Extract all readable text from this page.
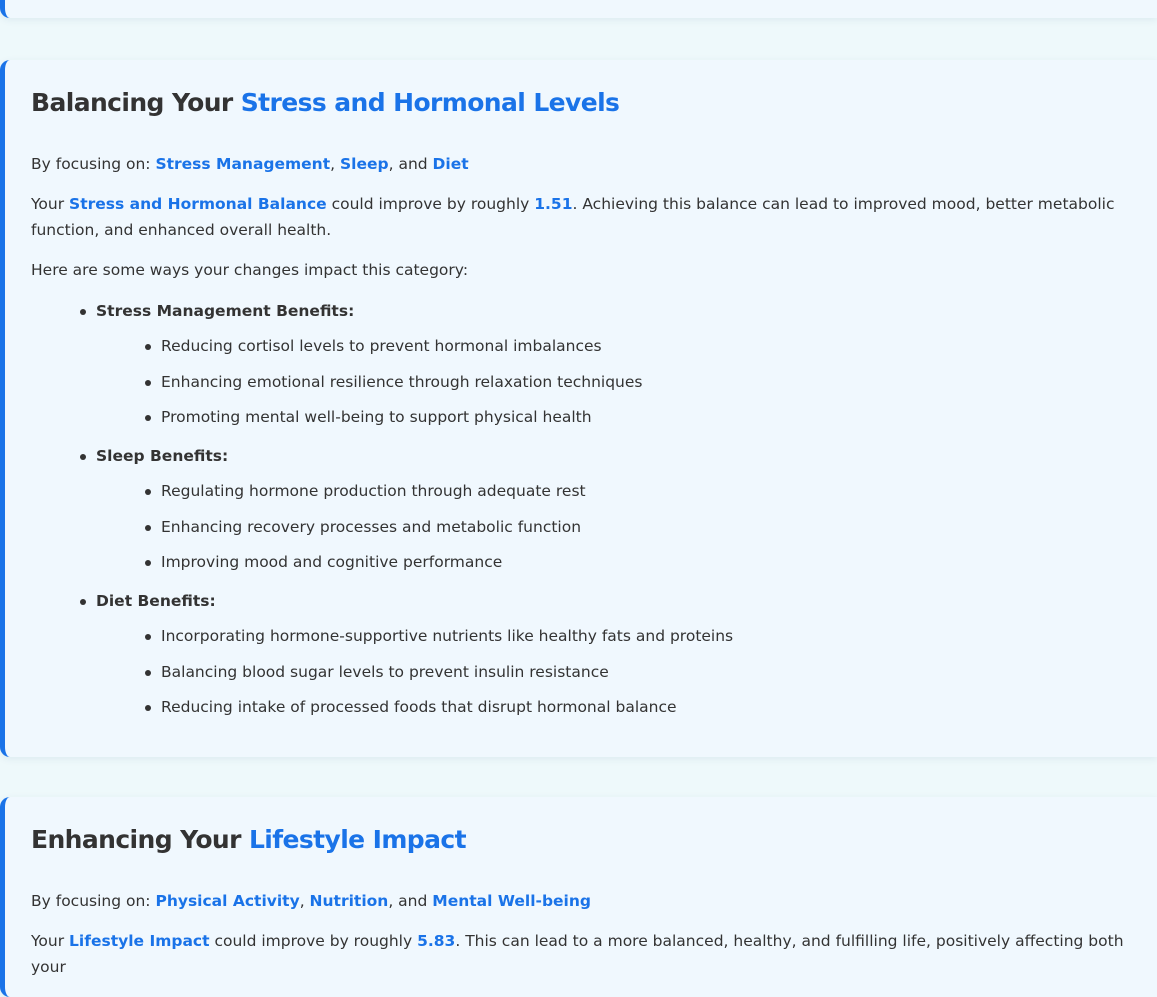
Balancing Your Stress and Hormonal Levels

By focusing on: Stress Management, Sleep, and Diet

Your Stress and Hormonal Balance could improve by roughly 1.51. Achieving this balance can lead to improved mood, better metabolic function, and enhanced overall health.

Here are some ways your changes impact this category:

Stress Management Benefits:
Reducing cortisol levels to prevent hormonal imbalances
Enhancing emotional resilience through relaxation techniques
Promoting mental well-being to support physical health
Sleep Benefits:
Regulating hormone production through adequate rest
Enhancing recovery processes and metabolic function
Improving mood and cognitive performance
Diet Benefits:
Incorporating hormone-supportive nutrients like healthy fats and proteins
Balancing blood sugar levels to prevent insulin resistance
Reducing intake of processed foods that disrupt hormonal balance
Enhancing Your Lifestyle Impact

By focusing on: Physical Activity, Nutrition, and Mental Well-being

Your Lifestyle Impact could improve by roughly 5.83. This can lead to a more balanced, healthy, and fulfilling life, positively affecting both your
